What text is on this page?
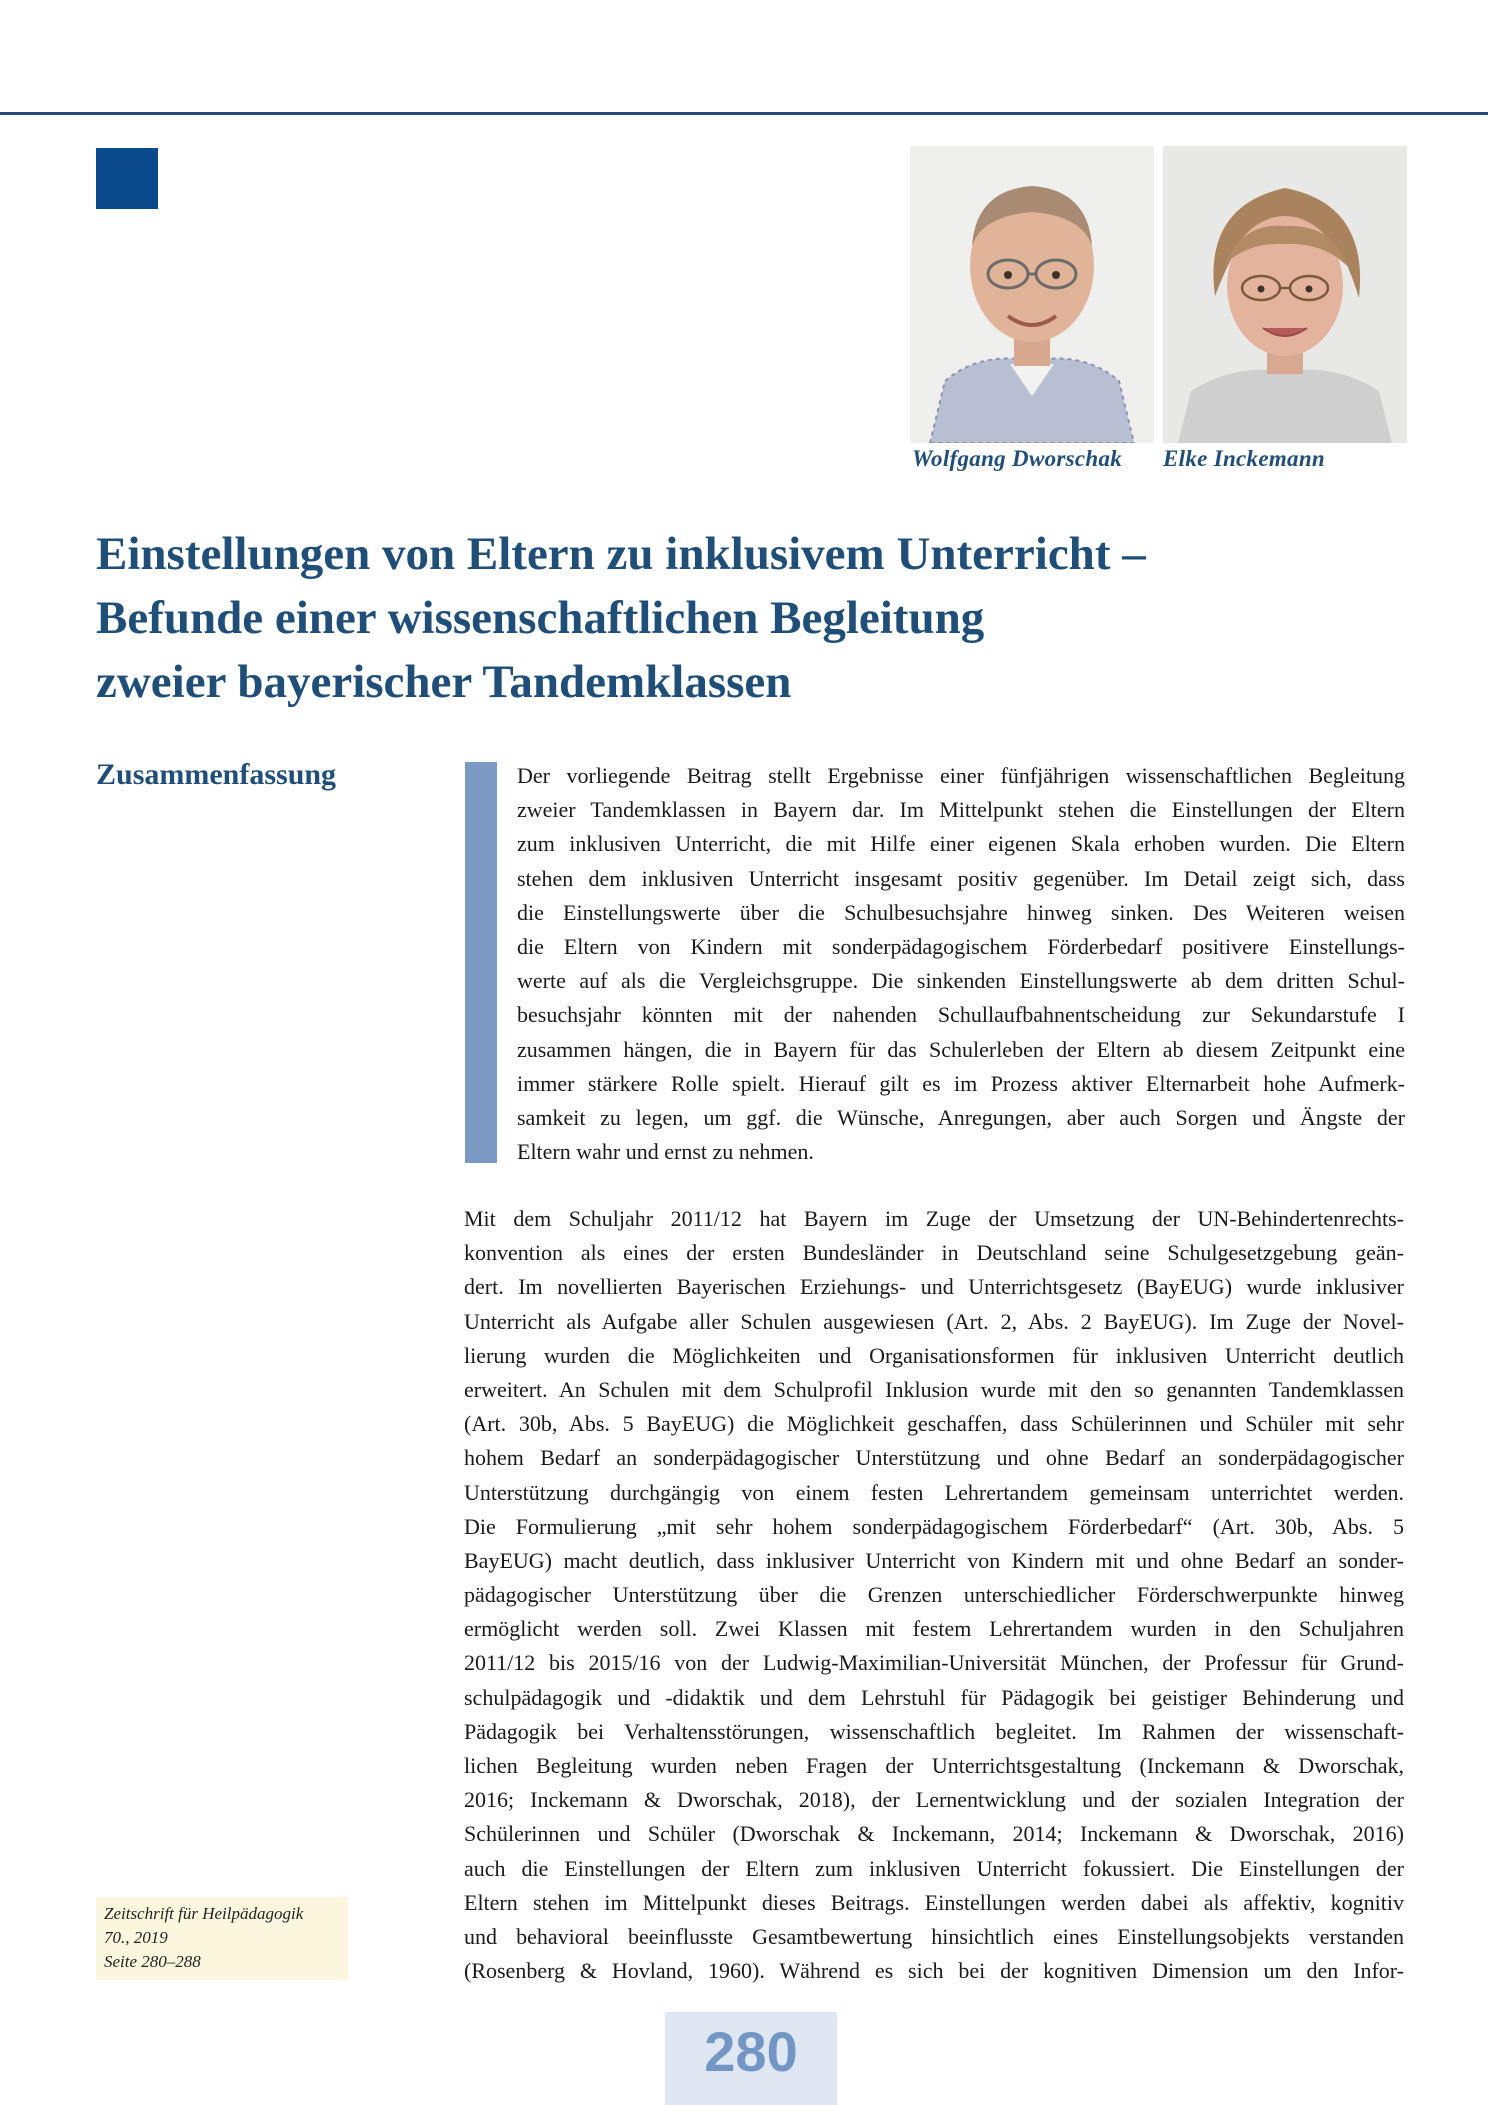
Wolfgang Dworschak Elke Inckemann
Einstellungen von Eltern zu inklusivem Unterricht –
Befunde einer wissenschaftlichen Begleitung
zweier bayerischer Tandemklassen
Zusammenfassung	Der vorliegende Beitrag stellt Ergebnisse einer fünfjährigen wissenschaftlichen Begleitung
zweier Tandemklassen in Bayern dar. Im Mittelpunkt stehen die Einstellungen der Eltern
zum inklusiven Unterricht, die mit Hilfe einer eigenen Skala erhoben wurden. Die Eltern
stehen dem inklusiven Unterricht insgesamt positiv gegenüber. Im Detail zeigt sich, dass
die Einstellungswerte über die Schulbesuchsjahre hinweg sinken. Des Weiteren weisen
die Eltern von Kindern mit sonderpädagogischem Förderbedarf positivere Einstellungs-
werte auf als die Vergleichsgruppe. Die sinkenden Einstellungswerte ab dem dritten Schul-
besuchsjahr könnten mit der nahenden Schullaufbahnentscheidung zur Sekundarstufe I
zusammen hängen, die in Bayern für das Schulerleben der Eltern ab diesem Zeitpunkt eine
immer stärkere Rolle spielt. Hierauf gilt es im Prozess aktiver Elternarbeit hohe Aufmerk-
samkeit zu legen, um ggf. die Wünsche, Anregungen, aber auch Sorgen und Ängste der
Eltern wahr und ernst zu nehmen.
Mit dem Schuljahr 2011/12 hat Bayern im Zuge der Umsetzung der UN-Behindertenrechts-
konvention als eines der ersten Bundesländer in Deutschland seine Schulgesetzgebung geän-
dert. Im novellierten Bayerischen Erziehungs- und Unterrichtsgesetz (BayEUG) wurde inklusiver
Unterricht als Aufgabe aller Schulen ausgewiesen (Art. 2, Abs. 2 BayEUG). Im Zuge der Novel-
lierung wurden die Möglichkeiten und Organisationsformen für inklusiven Unterricht deutlich
erweitert. An Schulen mit dem Schulprofil Inklusion wurde mit den so genannten Tandemklassen
(Art. 30b, Abs. 5 BayEUG) die Möglichkeit geschaffen, dass Schülerinnen und Schüler mit sehr
hohem Bedarf an sonderpädagogischer Unterstützung und ohne Bedarf an sonderpädagogischer
Unterstützung durchgängig von einem festen Lehrertandem gemeinsam unterrichtet werden.
Die Formulierung „mit sehr hohem sonderpädagogischem Förderbedarf“ (Art. 30b, Abs. 5
BayEUG) macht deutlich, dass inklusiver Unterricht von Kindern mit und ohne Bedarf an sonder-
pädagogischer Unterstützung über die Grenzen unterschiedlicher Förderschwerpunkte hinweg
ermöglicht werden soll. Zwei Klassen mit festem Lehrertandem wurden in den Schuljahren
2011/12 bis 2015/16 von der Ludwig-Maximilian-Universität München, der Professur für Grund-
schulpädagogik und -didaktik und dem Lehrstuhl für Pädagogik bei geistiger Behinderung und
Pädagogik bei Verhaltensstörungen, wissenschaftlich begleitet. Im Rahmen der wissenschaft-
lichen Begleitung wurden neben Fragen der Unterrichtsgestaltung (Inckemann & Dworschak,
2016; Inckemann & Dworschak, 2018), der Lernentwicklung und der sozialen Integration der
Schülerinnen und Schüler (Dworschak & Inckemann, 2014; Inckemann & Dworschak, 2016)
auch die Einstellungen der Eltern zum inklusiven Unterricht fokussiert. Die Einstellungen der
Eltern stehen im Mittelpunkt dieses Beitrags. Einstellungen werden dabei als affektiv, kognitiv
und behavioral beeinflusste Gesamtbewertung hinsichtlich eines Einstellungsobjekts verstanden
(Rosenberg & Hovland, 1960). Während es sich bei der kognitiven Dimension um den Infor-
Zeitschrift für Heilpädagogik
70., 2019
Seite 280–288
280
